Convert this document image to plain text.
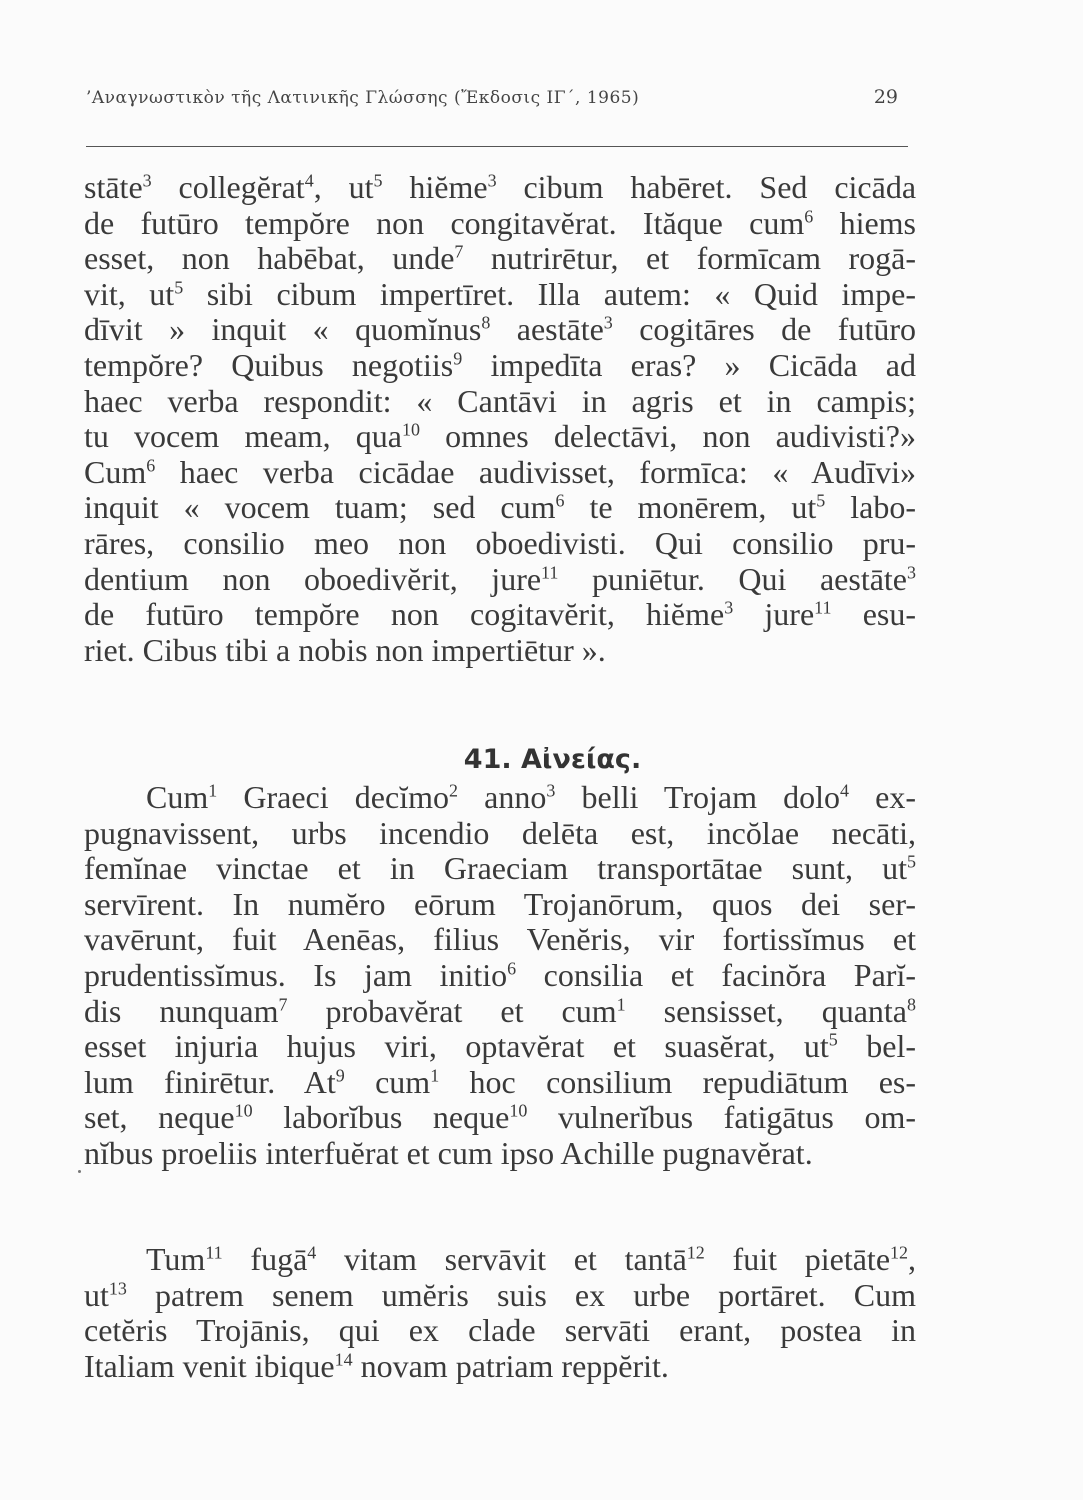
’Αναγνωστικὸν τῆς Λατινικῆς Γλώσσης (Ἔκδοσις ΙΓ΄, 1965)	29
stāte$^3$ collegĕrat$^4$, $ut^5$ hiĕme$^3$ cibum habēret. Sed cicāda
de futūro tempŏre non congitavĕrat. Ităque cum$^6$ hiems
esset, non habēbat, unde$^7$ nutrirētur, et formīcam rogā-
vit, $ut^5$ sibi cibum impertīret. Illa autem: « Quid impe-
dīvit » inquit « quomĭnus$^8$ aestāte$^3$ cogitāres de futūro
tempŏre? Quibus negotiis$^9$ impedīta eras? » Cicāda ad
haec verba respondit: « Cantāvi in agris et in campis;
tu vocem meam, qua$^{10}$ omnes delectāvi, non audivisti?»
Cum$^6$ haec verba cicādae audivisset, formīca: « Audīvi»
inquit « vocem tuam; sed cum$^6$ te monērem, $ut^5$ labo-
rāres, consilio meo non oboedivisti. Qui consilio pru-
dentium non oboedivĕrit, jure$^{11}$ puniētur. Qui aestāte$^3$
de futūro tempŏre non cogitavĕrit, hiĕme$^3$ jure$^{11}$ esu-
riet. Cibus tibi a nobis non impertiētur ».
41. Αἰνείας.
Cum$^1$ Graeci decĭmo$^2$ anno$^3$ belli Trojam dolo$^4$ ex-
pugnavissent, urbs incendio delēta est, incŏlae necāti,
femĭnae vinctae et in Graeciam transportātae sunt, $ut^5$
servīrent. In numĕro eōrum Trojanōrum, quos dei ser-
vavērunt, fuit Aenēas, filius Venĕris, vir fortissĭmus et
prudentissĭmus. Is jam initio$^6$ consilia et facinŏra Parĭ-
dis nunquam$^7$ probavĕrat et cum$^1$ sensisset, quanta$^8$
esset injuria hujus viri, optavĕrat et suasĕrat, $ut^5$ bel-
lum finirētur. At$^9$ cum$^1$ hoc consilium repudiātum es-
set, neque$^{10}$ laborĭbus neque$^{10}$ vulnerĭbus fatigātus om-
nĭbus proeliis interfuĕrat et cum ipso Achille pugnavĕrat.
Tum$^{11}$ fugā$^4$ vitam servāvit et tantā$^{12}$ fuit pietāte$^{12}$,
$ut^{13}$ patrem senem umĕris suis ex urbe portāret. Cum
cetĕris Trojānis, qui ex clade servāti erant, postea in
Italiam venit ibique$^{14}$ novam patriam reppĕrit.
